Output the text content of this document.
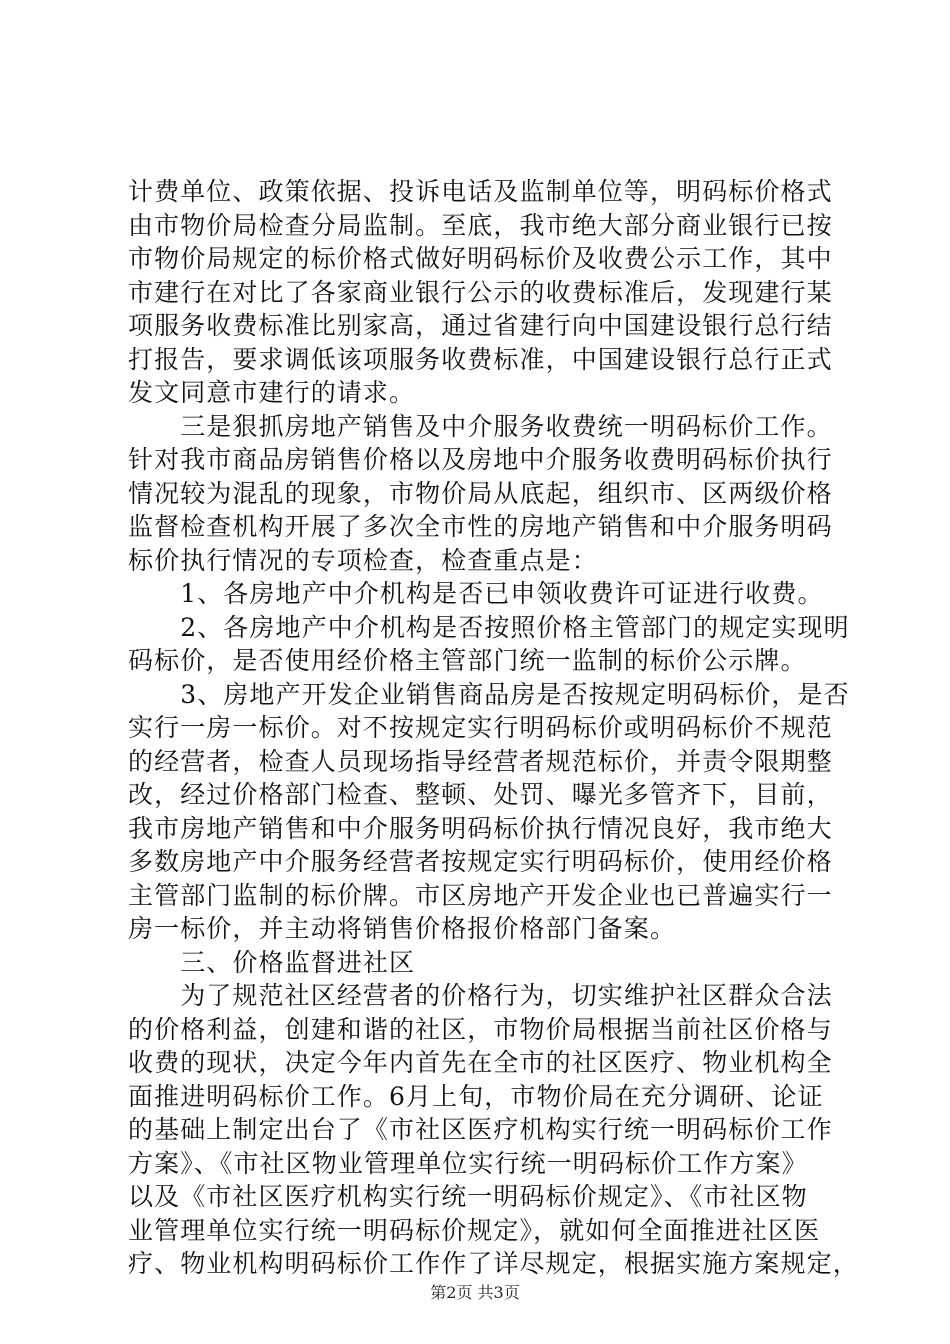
计费单位、政策依据、投诉电话及监制单位等，明码标价格式
由市物价局检查分局监制。至底，我市绝大部分商业银行已按
市物价局规定的标价格式做好明码标价及收费公示工作，其中
市建行在对比了各家商业银行公示的收费标准后，发现建行某
项服务收费标准比别家高，通过省建行向中国建设银行总行结
打报告，要求调低该项服务收费标准，中国建设银行总行正式
发文同意市建行的请求。
　　三是狠抓房地产销售及中介服务收费统一明码标价工作。
针对我市商品房销售价格以及房地中介服务收费明码标价执行
情况较为混乱的现象，市物价局从底起，组织市、区两级价格
监督检查机构开展了多次全市性的房地产销售和中介服务明码
标价执行情况的专项检查，检查重点是：
　　1、各房地产中介机构是否已申领收费许可证进行收费。
　　2、各房地产中介机构是否按照价格主管部门的规定实现明
码标价，是否使用经价格主管部门统一监制的标价公示牌。
　　3、房地产开发企业销售商品房是否按规定明码标价，是否
实行一房一标价。对不按规定实行明码标价或明码标价不规范
的经营者，检查人员现场指导经营者规范标价，并责令限期整
改，经过价格部门检查、整顿、处罚、曝光多管齐下，目前，
我市房地产销售和中介服务明码标价执行情况良好，我市绝大
多数房地产中介服务经营者按规定实行明码标价，使用经价格
主管部门监制的标价牌。市区房地产开发企业也已普遍实行一
房一标价，并主动将销售价格报价格部门备案。
　　三、价格监督进社区
　　为了规范社区经营者的价格行为，切实维护社区群众合法
的价格利益，创建和谐的社区，市物价局根据当前社区价格与
收费的现状，决定今年内首先在全市的社区医疗、物业机构全
面推进明码标价工作。6月上旬，市物价局在充分调研、论证
的基础上制定出台了《市社区医疗机构实行统一明码标价工作
方案》、《市社区物业管理单位实行统一明码标价工作方案》
以及《市社区医疗机构实行统一明码标价规定》、《市社区物
业管理单位实行统一明码标价规定》，就如何全面推进社区医
疗、物业机构明码标价工作作了详尽规定，根据实施方案规定，
第2页 共3页
